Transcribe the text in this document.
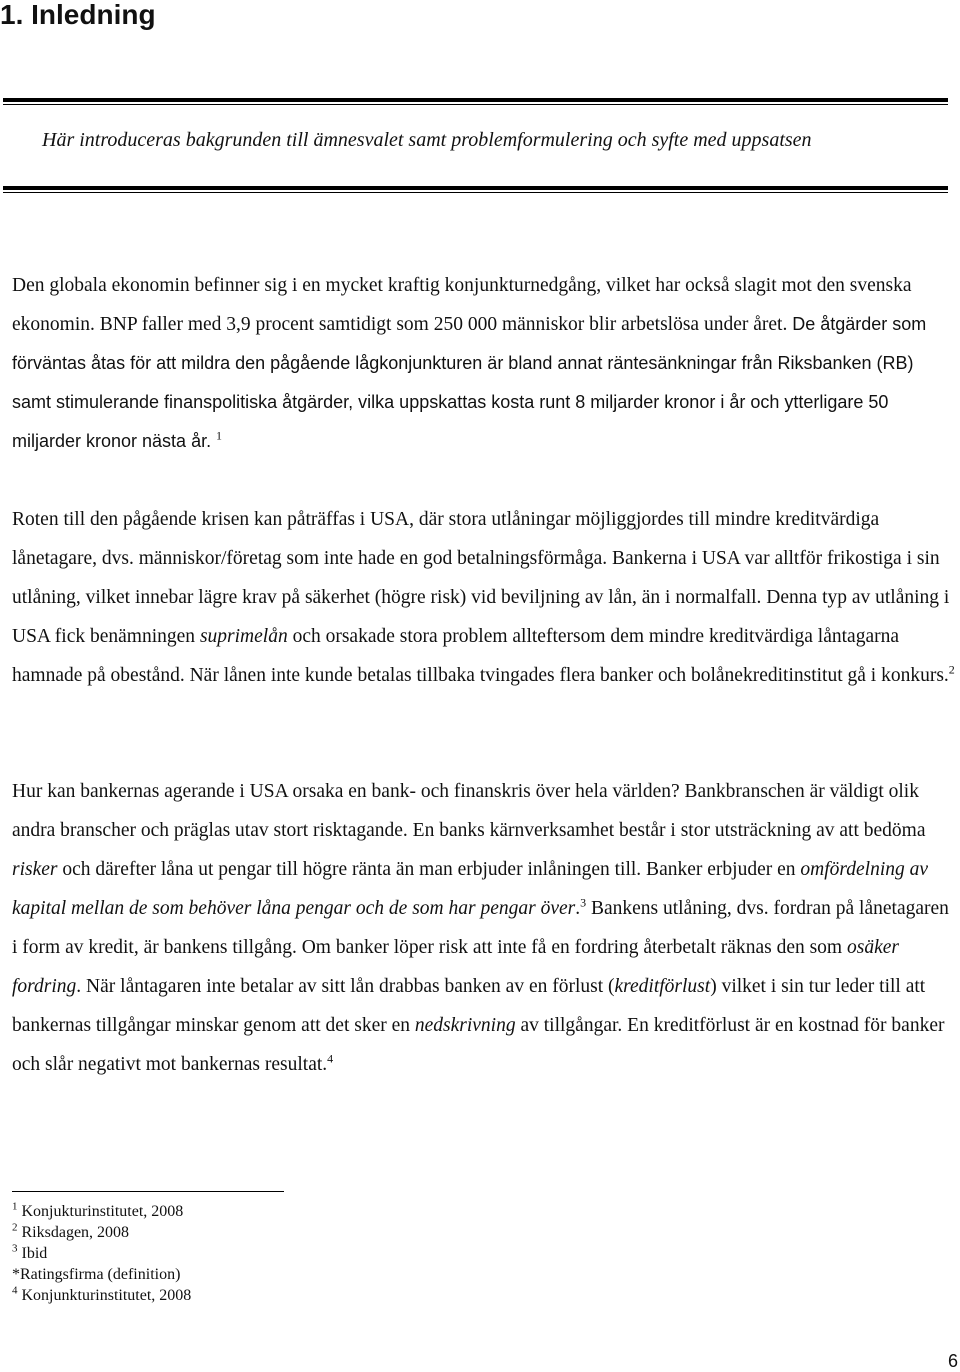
1. Inledning

Här introduceras bakgrunden till ämnesvalet samt problemformulering och syfte med uppsatsen

Den globala ekonomin befinner sig i en mycket kraftig konjunkturnedgång, vilket har också slagit mot den svenska ekonomin. BNP faller med 3,9 procent samtidigt som 250 000 människor blir arbetslösa under året. De åtgärder som förväntas åtas för att mildra den pågående lågkonjunkturen är bland annat räntesänkningar från Riksbanken (RB) samt stimulerande finanspolitiska åtgärder, vilka uppskattas kosta runt 8 miljarder kronor i år och ytterligare 50 miljarder kronor nästa år. $^1$

Roten till den pågående krisen kan påträffas i USA, där stora utlåningar möjliggjordes till mindre kreditvärdiga lånetagare, dvs. människor/företag som inte hade en god betalningsförmåga. Bankerna i USA var alltför frikostiga i sin utlåning, vilket innebar lägre krav på säkerhet (högre risk) vid beviljning av lån, än i normalfall. Denna typ av utlåning i USA fick benämningen suprimelån och orsakade stora problem allteftersom dem mindre kreditvärdiga låntagarna hamnade på obestånd. När lånen inte kunde betalas tillbaka tvingades flera banker och bolånekreditinstitut gå i konkurs.$^2$

Hur kan bankernas agerande i USA orsaka en bank- och finanskris över hela världen? Bankbranschen är väldigt olik andra branscher och präglas utav stort risktagande. En banks kärnverksamhet består i stor utsträckning av att bedöma risker och därefter låna ut pengar till högre ränta än man erbjuder inlåningen till. Banker erbjuder en omfördelning av kapital mellan de som behöver låna pengar och de som har pengar över.$^3$ Bankens utlåning, dvs. fordran på lånetagaren i form av kredit, är bankens tillgång. Om banker löper risk att inte få en fordring återbetalt räknas den som osäker fordring. När låntagaren inte betalar av sitt lån drabbas banken av en förlust (kreditförlust) vilket i sin tur leder till att bankernas tillgångar minskar genom att det sker en nedskrivning av tillgångar. En kreditförlust är en kostnad för banker och slår negativt mot bankernas resultat.$^4$

$^1$ Konjukturinstitutet, 2008
$^2$ Riksdagen, 2008
$^3$ Ibid
*Ratingsfirma (definition)
$^4$ Konjunkturinstitutet, 2008
6
